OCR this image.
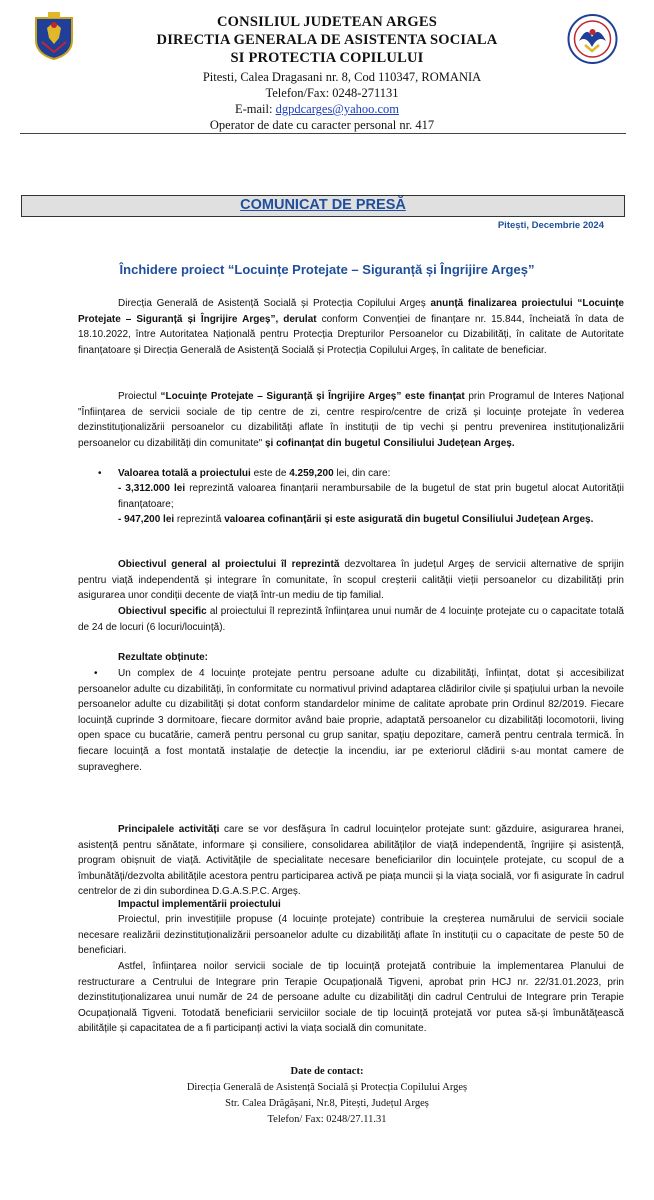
CONSILIUL JUDETEAN ARGES
DIRECTIA GENERALA DE ASISTENTA SOCIALA
SI PROTECTIA COPILULUI
Pitesti, Calea Dragasani nr. 8, Cod 110347, ROMANIA
Telefon/Fax: 0248-271131
E-mail: dgpdcarges@yahoo.com
Operator de date cu caracter personal nr. 417
COMUNICAT DE PRESĂ
Pitești, Decembrie 2024
Închidere proiect “Locuințe Protejate – Siguranță și Îngrijire Argeș”

Direcția Generală de Asistență Socială și Protecția Copilului Argeș anunță finalizarea proiectului “Locuințe Protejate – Siguranță și Îngrijire Argeș”, derulat conform Convenției de finanțare nr. 15.844, încheiată în data de 18.10.2022, între Autoritatea Națională pentru Protecția Drepturilor Persoanelor cu Dizabilități, în calitate de Autoritate finanțatoare și Direcția Generală de Asistență Socială și Protecția Copilului Argeș, în calitate de beneficiar.

Proiectul “Locuințe Protejate – Siguranță și Îngrijire Argeș” este finanțat prin Programul de Interes Național "Înființarea de servicii sociale de tip centre de zi, centre respiro/centre de criză și locuințe protejate în vederea dezinstituționalizării persoanelor cu dizabilități aflate în instituții de tip vechi și pentru prevenirea instituționalizării persoanelor cu dizabilități din comunitate" și cofinanțat din bugetul Consiliului Județean Argeș.

• Valoarea totală a proiectului este de 4.259,200 lei, din care:

- 3,312.000 lei reprezintă valoarea finanțarii nerambursabile de la bugetul de stat prin bugetul alocat Autorității finanțatoare;

- 947,200 lei reprezintă valoarea cofinanțării și este asigurată din bugetul Consiliului Județean Argeș.

Obiectivul general al proiectului îl reprezintă dezvoltarea în județul Argeș de servicii alternative de sprijin pentru viață independentă și integrare în comunitate, în scopul creșterii calității vieții persoanelor cu dizabilități prin asigurarea unor condiții decente de viață într-un mediu de tip familial.

Obiectivul specific al proiectului îl reprezintă înființarea unui număr de 4 locuințe protejate cu o capacitate totală de 24 de locuri (6 locuri/locuință).

Rezultate obținute:

• Un complex de 4 locuințe protejate pentru persoane adulte cu dizabilități, înființat, dotat și accesibilizat persoanelor adulte cu dizabilități, în conformitate cu normativul privind adaptarea clădirilor civile și spațiului urban la nevoile persoanelor adulte cu dizabilități și dotat conform standardelor minime de calitate aprobate prin Ordinul 82/2019. Fiecare locuință cuprinde 3 dormitoare, fiecare dormitor având baie proprie, adaptată persoanelor cu dizabilități locomotorii, living open space cu bucatărie, cameră pentru personal cu grup sanitar, spațiu depozitare, cameră pentru centrala termică. În fiecare locuință a fost montată instalație de detecție la incendiu, iar pe exteriorul clădirii s-au montat camere de supraveghere.

Principalele activități care se vor desfășura în cadrul locuințelor protejate sunt: găzduire, asigurarea hranei, asistență pentru sănătate, informare și consiliere, consolidarea abilităților de viață independentă, îngrijire și asistență, program obișnuit de viață. Activitățile de specialitate necesare beneficiarilor din locuințele protejate, cu scopul de a îmbunătăți/dezvolta abilitățile acestora pentru participarea activă pe piața muncii și la viața socială, vor fi asigurate în cadrul centrelor de zi din subordinea D.G.A.S.P.C. Argeș.

Impactul implementării proiectului

Proiectul, prin investițiile propuse (4 locuințe protejate) contribuie la creșterea numărului de servicii sociale necesare realizării dezinstituționalizării persoanelor adulte cu dizabilități aflate în instituții cu o capacitate de peste 50 de beneficiari.

Astfel, înființarea noilor servicii sociale de tip locuință protejată contribuie la implementarea Planului de restructurare a Centrului de Integrare prin Terapie Ocupațională Tigveni, aprobat prin HCJ nr. 22/31.01.2023, prin dezinstituționalizarea unui număr de 24 de persoane adulte cu dizabilități din cadrul Centrului de Integrare prin Terapie Ocupațională Tigveni. Totodată beneficiarii serviciilor sociale de tip locuință protejată vor putea să-și îmbunătățească abilitățile și capacitatea de a fi participanți activi la viața socială din comunitate.

Date de contact:
Direcția Generală de Asistență Socială și Protecția Copilului Argeș
Str. Calea Drăgășani, Nr.8, Pitești, Județul Argeș
Telefon/ Fax: 0248/27.11.31
